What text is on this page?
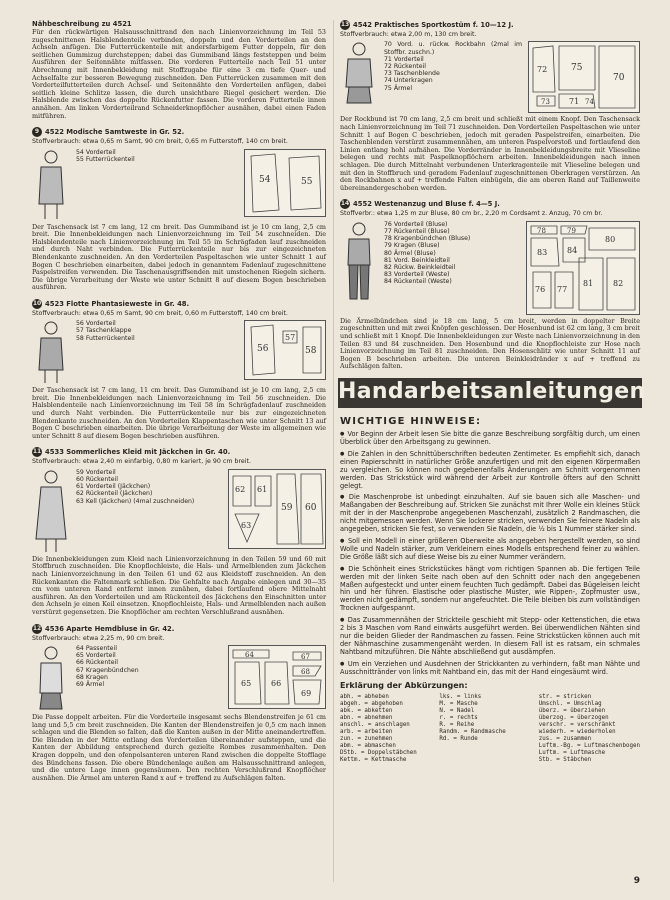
Nähbeschreibung zu 4521
Für den rückwärtigen Halsausschnittrand den nach Linienvorzeichnung im Teil 53 zugeschnittenen Halsblendenteile verbinden, doppeln und den Vorderteilen an den Achseln anfügen. Die Futterrückenteile mit andersfarbigem Futter doppeln, für den seitlichen Gummizug durchsteppen; dabei das Gummiband längs feststeppen und beim Ausführen der Seitennähte mitfassen. Die vorderen Futterteile nach Teil 51 unter Abrechnung mit Innenbekleidung mit Stoffzugabe für eine 3 cm tiefe Quer- und Achselfalte zur besseren Bewegung zuschneiden. Den Futterrücken zusammen mit den Vorderteilfutterteilen durch Achsel- und Seitennähte den Vorderteilen anfügen, dabei seitlich kleine Schlitze lassen, die durch unsichtbare Riegel gesichert werden. Die Halsblende zwischen das doppelte Rückenfutter fassen. Die vorderen Futterteile innen annähen. Am linken Vorderteilrand Schneiderknopflöcher ausnähen, dabei einen Faden mitführen.
9 4522 Modische Samtweste in Gr. 52.
Stoffverbrauch: etwa 0,65 m Samt, 90 cm breit, 0,65 m Futterstoff, 140 cm breit.
54 Vorderteil
55 Futterrückenteil
54	55
Der Taschensack ist 7 cm lang, 12 cm breit. Das Gummiband ist je 10 cm lang, 2,5 cm breit. Die Innenbekleidungen nach Linienvorzeichnung im Teil 54 zuschneiden. Die Halsblendenteile nach Linienvorzeichnung im Teil 55 im Schrägfaden lauf zuschneiden und durch Naht verbinden. Die Futterrückenteile nur bis zur eingezeichneten Blendenkante zuschneiden. An den Vorderteilen Paspeltaschen wie unter Schnitt 1 auf Bogen C beschrieben einarbeiten, dabei jedoch in genanntem Fadenlauf zugeschnittene Paspelstreifen verwenden. Die Taschenausgriffsenden mit umstochenen Riegeln sichern. Die übrige Verarbeitung der Weste wie unter Schnitt 8 auf diesem Bogen beschrieben ausführen.
10 4523 Flotte Phantasieweste in Gr. 48.
Stoffverbrauch: etwa 0,65 m Samt, 90 cm breit, 0,60 m Futterstoff, 140 cm breit.
56 Vorderteil
57 Taschenklappe
58 Futterrückenteil
56
57
58
Der Taschensack ist 7 cm lang, 11 cm breit. Das Gummiband ist je 10 cm lang, 2,5 cm breit. Die Innenbekleidungen nach Linienvorzeichnung im Teil 56 zuschneiden. Die Halsblendenteile nach Linienvorzeichnung im Teil 58 im Schrägfadenlauf zuschneiden und durch Naht verbinden. Die Futterrückenteile nur bis zur eingezeichneten Blendenkante zuschneiden. An den Vorderteilen Klappentaschen wie unter Schnitt 13 auf Bogen C beschrieben einarbeiten. Die übrige Verarbeitung der Weste im allgemeinen wie unter Schnitt 8 auf diesem Bogen beschrieben ausführen.
11 4533 Sommerliches Kleid mit Jäckchen in Gr. 40.
Stoffverbrauch: etwa 2,40 m einfarbig, 0,80 m kariert, je 90 cm breit.
59 Vorderteil
60 Rückenteil
61 Vorderteil (Jäckchen)
62 Rückenteil (Jäckchen)
63 Kell (Jäckchen) (4mal zuschneiden)
62 61
59 60
63
Die Innenbekleidungen zum Kleid nach Linienvorzeichnung in den Teilen 59 und 60 mit Stoffbruch zuschneiden. Die Knopflochleiste, die Hals- und Armelblenden zum Jäckchen nach Linienvorzeichnung in den Teilen 61 und 62 aus Kleidstoff zuschneiden. An den Rückenkanten die Faltenmark schließen. Die Gehfalte nach Angabe einlegen und 30—35 cm vom unteren Rand entfernt innen zunähen, dabei fortlaufend obere Mittelnaht ausführen. An den Vorderteilen und am Rückenteil des Jäckchens den Einschnitten unter den Achseln je einen Keil einsetzen. Knopflochleiste, Hals- und Armelblenden nach außen verstürzt gegensetzen. Die Knopflöcher am rechten Verschlußrand ausnähen.
12 4536 Aparte Hemdbluse in Gr. 42.
Stoffverbrauch: etwa 2,25 m, 90 cm breit.
64 Passenteil
65 Vorderteil
66 Rückenteil
67 Kragenbündchen
68 Kragen
69 Ärmel
64
65 66
67
68
69
Die Passe doppelt arbeiten. Für die Vorderteile insgesamt sechs Blendenstreifen je 61 cm lang und 5,5 cm breit zuschneiden. Die Kanten der Blendenstreifen je 0,5 cm nach innen schlagen und die Blenden so falten, daß die Kanten außen in der Mitte aneinandertreffen. Die Blenden in der Mitte entlang den Vorderteilen übereinander aufsteppen, und die Kanten der Abbildung entsprechend durch gezielte Rombes zusammenhalten. Den Kragen doppeln, und den ofenpolsanteren unteren Rand zwischen die doppelte Stofflage des Bündchens fassen. Die obere Bündchenlage außen am Halsausschnittrand anlegen, und die untere Lage innen gegensäumen. Den rechten Verschlußrand Knopflöcher ausnähen. Die Ärmel am unteren Rand x auf + treffend zu Aufschlägen falten.
13 4542 Praktisches Sportkostüm f. 10—12 J.
Stoffverbrauch: etwa 2,00 m, 130 cm breit.
70 Vord. u. rückw. Rockbahn (2mal im Stoffbr. zuschn.)
71 Vorderteil
72 Rückenteil
73 Taschenblende
74 Unterkragen
75 Ärmel
72	75
73
70
71 74
Der Rockbund ist 70 cm lang, 2,5 cm breit und schließt mit einem Knopf. Den Taschensack nach Linienvorzeichnung im Teil 71 zuschneiden. Den Vorderteilen Paspeltaschen wie unter Schnitt 1 auf Bogen C beschrieben, jedoch mit geraden Paspelstreifen, einarbeiten. Die Taschenblenden verstürzt zusammennähen, am unteren Paspelvorstoß und fortlaufend den Linien entlang hohl aufnähen. Die Vorderränder in Innenbekleidungsbreite mit Vlieseline belegen und rechts mit Paspelknopflöchern arbeiten. Innenbekleidungen nach innen schlagen. Die durch Mittelnaht verbundenen Unterkragenteile mit Vlieseline belegen und mit den in Stoffbruch und geradem Fadenlauf zugeschnittenen Oberkragen verstürzen. An den Rockbahnen x auf + treffende Falten einbügeln, die am oberen Rand auf Taillenweite übereinandergeschoben werden.
14 4552 Westenanzug und Bluse f. 4—5 J.
Stoffverbr.: etwa 1,25 m zur Bluse, 80 cm br., 2,20 m Cordsamt z. Anzug, 70 cm br.
76 Vorderteil (Bluse)
77 Rückenteil (Bluse)
78 Kragenbündchen (Bluse)
79 Kragen (Bluse)
80 Ärmel (Bluse)
81 Vord. Beinkleidteil
82 Rückw. Beinkleidteil
83 Vorderteil (Weste)
84 Rückenteil (Weste)
78	79
83
80
84
76 77
81 82
Die Ärmelbündchen sind je 18 cm lang, 5 cm breit, werden in doppelter Breite zugeschnitten und mit zwei Knöpfen geschlossen. Der Hosenbund ist 62 cm lang, 3 cm breit und schließt mit 1 Knopf. Die Innenbekleidungen zur Weste nach Linienvorzeichnung in den Teilen 83 und 84 zuschneiden. Den Hosenbund und die Knopflochleiste zur Hose nach Linienvorzeichnung im Teil 81 zuschneiden. Den Hosenschlitz wie unter Schnitt 11 auf Bogen B beschrieben arbeiten. Die unteren Beinkleidränder x auf + treffend zu Aufschlägen falten.
Handarbeitsanleitungen
WICHTIGE HINWEISE:
● Vor Beginn der Arbeit lesen Sie bitte die ganze Beschreibung sorgfältig durch, um einen Überblick über den Arbeitsgang zu gewinnen.
● Die Zahlen in den Schnittüberschriften bedeuten Zentimeter. Es empfiehlt sich, danach einen Papierschnitt in natürlicher Größe anzufertigen und mit den eigenen Körpermaßen zu vergleichen. So können noch gegebenenfalls Änderungen am Schnitt vorgenommen werden. Das Strickstück wird während der Arbeit zur Kontrolle öfters auf den Schnitt gelegt.
● Die Maschenprobe ist unbedingt einzuhalten. Auf sie bauen sich alle Maschen- und Maßangaben der Beschreibung auf. Stricken Sie zunächst mit Ihrer Wolle ein kleines Stück mit der in der Maschenprobe angegebenen Maschenzahl, zusätzlich 2 Randmaschen, die nicht mitgemessen werden. Wenn Sie lockerer stricken, verwenden Sie feinere Nadeln als angegeben, stricken Sie fest, so verwenden Sie Nadeln, die ½ bis 1 Nummer stärker sind.
● Soll ein Modell in einer größeren Oberweite als angegeben hergestellt werden, so sind Wolle und Nadeln stärker, zum Verkleinern eines Modells entsprechend feiner zu wählen. Die Größe läßt sich auf diese Weise bis zu einer Nummer verändern.
● Die Schönheit eines Strickstückes hängt vom richtigen Spannen ab. Die fertigen Teile werden mit der linken Seite nach oben auf den Schnitt oder nach den angegebenen Maßen aufgesteckt und unter einem feuchten Tuch gedämpft. Dabei das Bügeleisen leicht hin und her führen. Elastische oder plastische Muster, wie Rippen-, Zopfmuster usw., werden nicht gedämpft, sondern nur angefeuchtet. Die Teile bleiben bis zum vollständigen Trocknen aufgespannt.
● Das Zusammennähen der Strickteile geschieht mit Stepp- oder Kettenstichen, die etwa 2 bis 3 Maschen vom Rand einwärts ausgeführt werden. Bei überwendlichen Nähten sind nur die beiden Glieder der Randmaschen zu fassen. Feine Strickstücken können auch mit der Nähmaschine zusammengenäht werden. In diesem Fall ist es ratsam, ein schmales Nahtband mitzuführen. Die Nähte abschließend gut ausdämpfen.
● Um ein Verziehen und Ausdehnen der Strickkanten zu verhindern, faßt man Nähte und Ausschnittränder von links mit Nahtband ein, das mit der Hand eingesäumt wird.
Erklärung der Abkürzungen:
abh. = abheben	lks. = links	str. = stricken
abgeh. = abgehoben	M. = Masche	Umschl. = Umschlag
abk. = abketten	N. = Nadel	überz. = überziehen
abn. = abnehmen	r. = rechts	überzog. = überzogen
anschl. = anschlagen	R. = Reihe	verschr. = verschränkt
arb. = arbeiten	Randm. = Randmasche	wiederh. = wiederholen
zun. = zunehmen	Rd. = Runde	zus. = zusammen
abm. = abmaschen	Luftm.-Bg. = Luftmaschenbogen
DStb. = Doppelstäbchen	Luftm. = Luftmasche
Kettm. = Kettmasche	Stb. = Stäbchen
9
